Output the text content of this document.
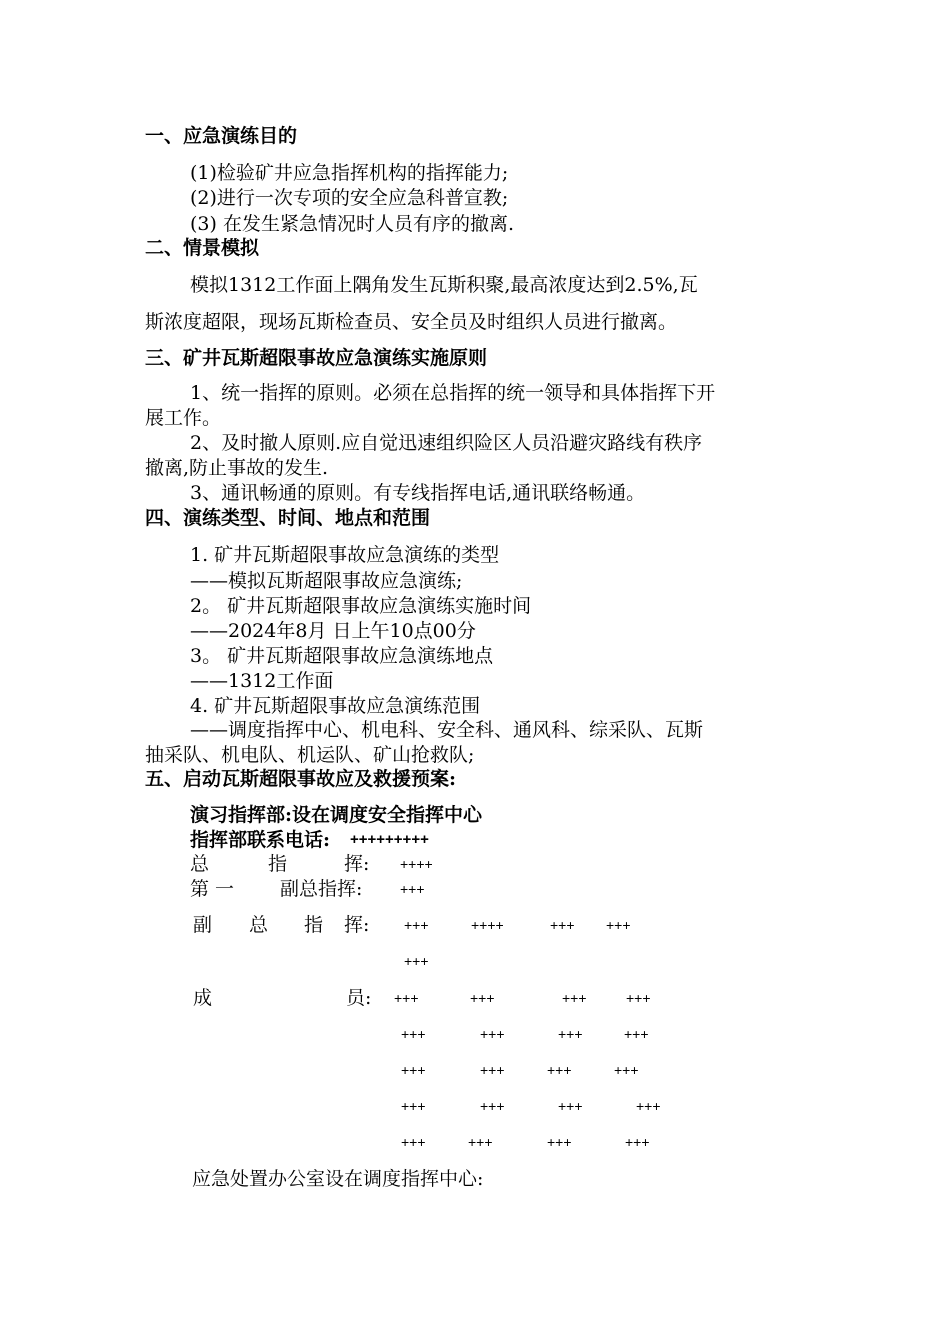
一、应急演练目的
(1)检验矿井应急指挥机构的指挥能力;
(2)进行一次专项的安全应急科普宣教;
(3) 在发生紧急情况时人员有序的撤离.
二、情景模拟
模拟1312工作面上隅角发生瓦斯积聚,最高浓度达到2.5%,瓦
斯浓度超限，现场瓦斯检查员、安全员及时组织人员进行撤离。
三、矿井瓦斯超限事故应急演练实施原则
1、统一指挥的原则。必须在总指挥的统一领导和具体指挥下开
展工作。
2、及时撤人原则.应自觉迅速组织险区人员沿避灾路线有秩序
撤离,防止事故的发生.
3、通讯畅通的原则。有专线指挥电话,通讯联络畅通。
四、演练类型、时间、地点和范围
1. 矿井瓦斯超限事故应急演练的类型
——模拟瓦斯超限事故应急演练;
2。 矿井瓦斯超限事故应急演练实施时间
——2024年8月 日上午10点00分
3。 矿井瓦斯超限事故应急演练地点
——1312工作面
4. 矿井瓦斯超限事故应急演练范围
——调度指挥中心、机电科、安全科、通风科、综采队、瓦斯
抽采队、机电队、机运队、矿山抢救队;
五、启动瓦斯超限事故应及救援预案:
演习指挥部:设在调度安全指挥中心
指挥部联系电话: +++++++++
总	指	挥: ++++
第 一 副总指挥:	+++
副 总 指 挥: +++	++++	+++ +++
+++
成	员: +++	+++	+++	+++
+++	+++	+++	+++
+++	+++	+++	+++
+++	+++	+++	+++
+++	+++	+++	+++
应急处置办公室设在调度指挥中心:
